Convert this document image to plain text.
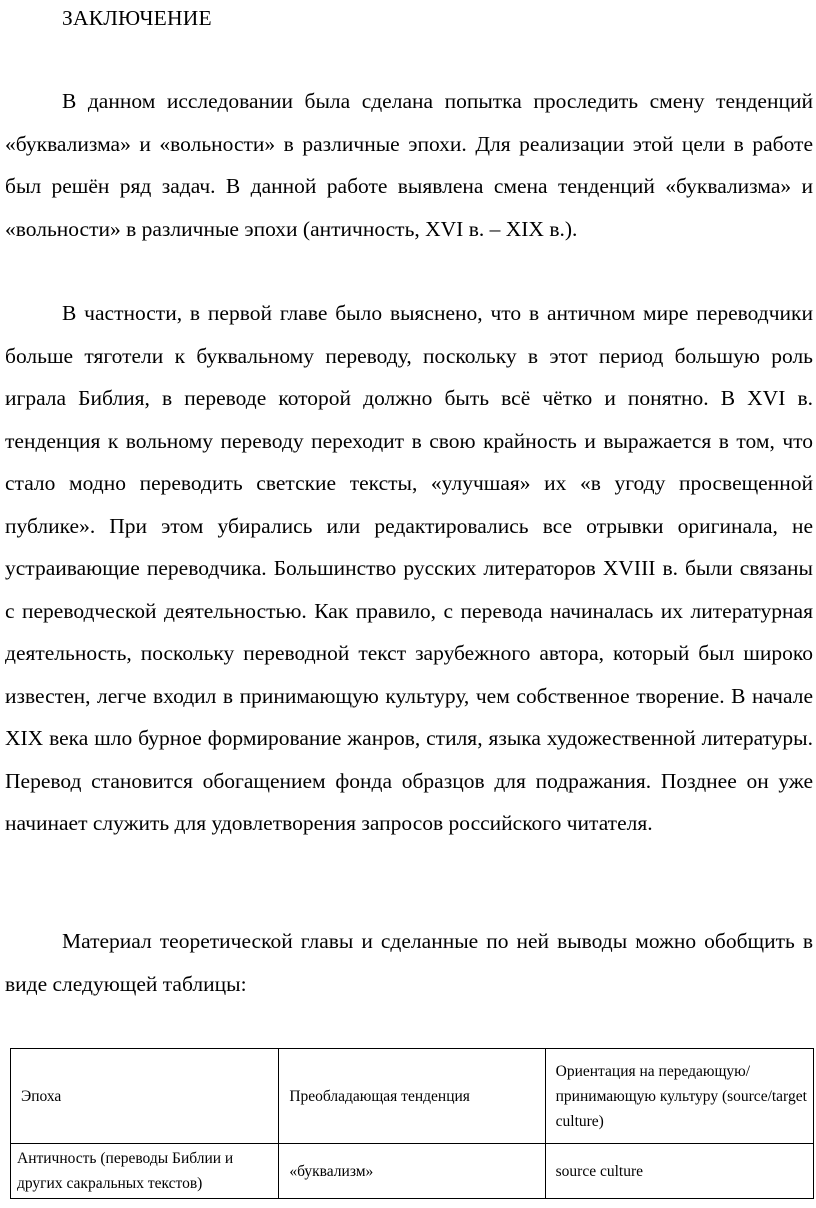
ЗАКЛЮЧЕНИЕ

В данном исследовании была сделана попытка проследить смену тенденций «буквализма» и «вольности» в различные эпохи. Для реализации этой цели в работе был решён ряд задач. В данной работе выявлена смена тенденций «буквализма» и «вольности» в различные эпохи (античность, XVI в. – XIX в.).

В частности, в первой главе было выяснено, что в античном мире переводчики больше тяготели к буквальному переводу, поскольку в этот период большую роль играла Библия, в переводе которой должно быть всё чётко и понятно. В XVI в. тенденция к вольному переводу переходит в свою крайность и выражается в том, что стало модно переводить светские тексты, «улучшая» их «в угоду просвещенной публике». При этом убирались или редактировались все отрывки оригинала, не устраивающие переводчика. Большинство русских литераторов XVIII в. были связаны с переводческой деятельностью. Как правило, с перевода начиналась их литературная деятельность, поскольку переводной текст зарубежного автора, который был широко известен, легче входил в принимающую культуру, чем собственное творение. В начале XIX века шло бурное формирование жанров, стиля, языка художественной литературы. Перевод становится обогащением фонда образцов для подражания. Позднее он уже начинает служить для удовлетворения запросов российского читателя.

Материал теоретической главы и сделанные по ней выводы можно обобщить в виде следующей таблицы:

Эпоха	Преобладающая тенденция	Ориентация на передающую/принимающую культуру (source/target culture)

Античность (переводы Библии и других сакральных текстов)	«буквализм»	source culture
